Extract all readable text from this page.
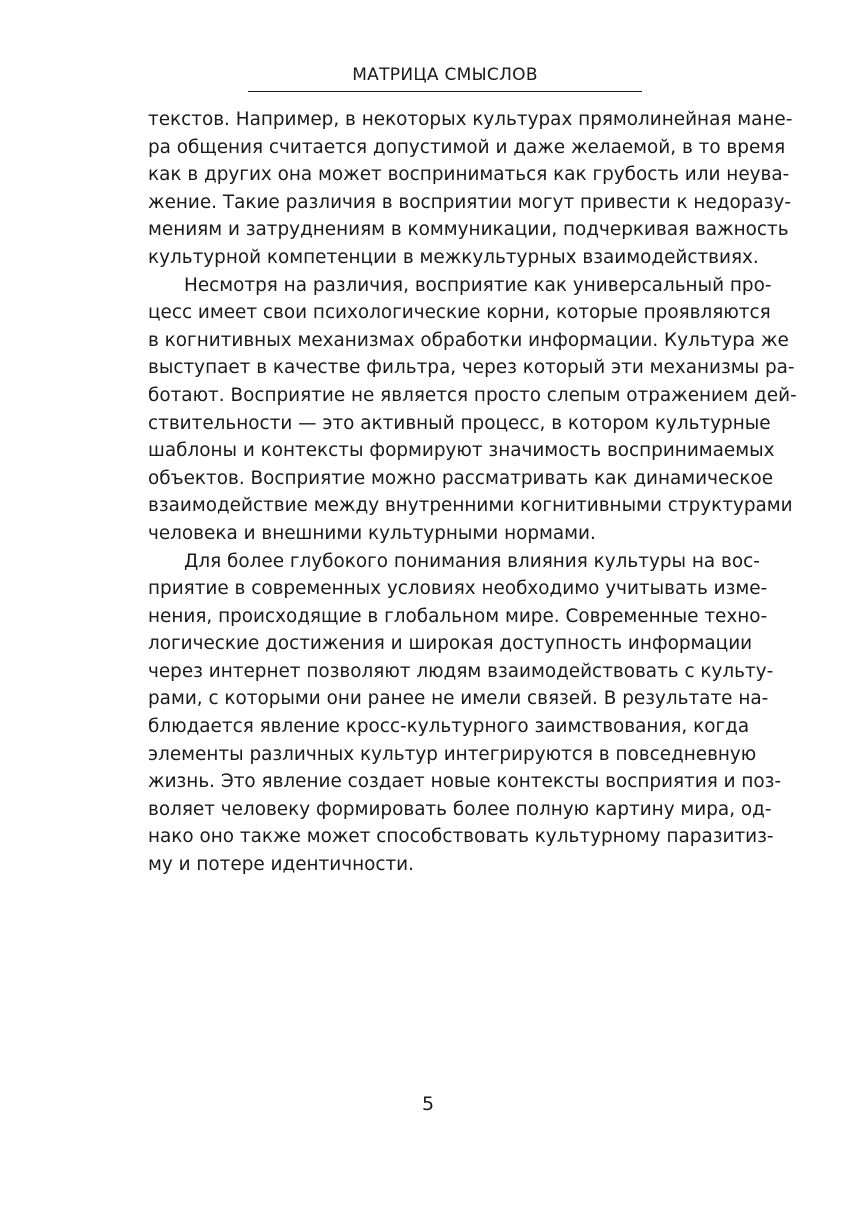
МАТРИЦА СМЫСЛОВ
текстов. Например, в некоторых культурах прямолинейная мане-
ра общения считается допустимой и даже желаемой, в то время
как в других она может восприниматься как грубость или неува-
жение. Такие различия в восприятии могут привести к недоразу-
мениям и затруднениям в коммуникации, подчеркивая важность
культурной компетенции в межкультурных взаимодействиях.
Несмотря на различия, восприятие как универсальный про-
цесс имеет свои психологические корни, которые проявляются
в когнитивных механизмах обработки информации. Культура же
выступает в качестве фильтра, через который эти механизмы ра-
ботают. Восприятие не является просто слепым отражением дей-
ствительности — это активный процесс, в котором культурные
шаблоны и контексты формируют значимость воспринимаемых
объектов. Восприятие можно рассматривать как динамическое
взаимодействие между внутренними когнитивными структурами
человека и внешними культурными нормами.
Для более глубокого понимания влияния культуры на вос-
приятие в современных условиях необходимо учитывать изме-
нения, происходящие в глобальном мире. Современные техно-
логические достижения и широкая доступность информации
через интернет позволяют людям взаимодействовать с культу-
рами, с которыми они ранее не имели связей. В результате на-
блюдается явление кросс-культурного заимствования, когда
элементы различных культур интегрируются в повседневную
жизнь. Это явление создает новые контексты восприятия и поз-
воляет человеку формировать более полную картину мира, од-
нако оно также может способствовать культурному паразитиз-
му и потере идентичности.
5
